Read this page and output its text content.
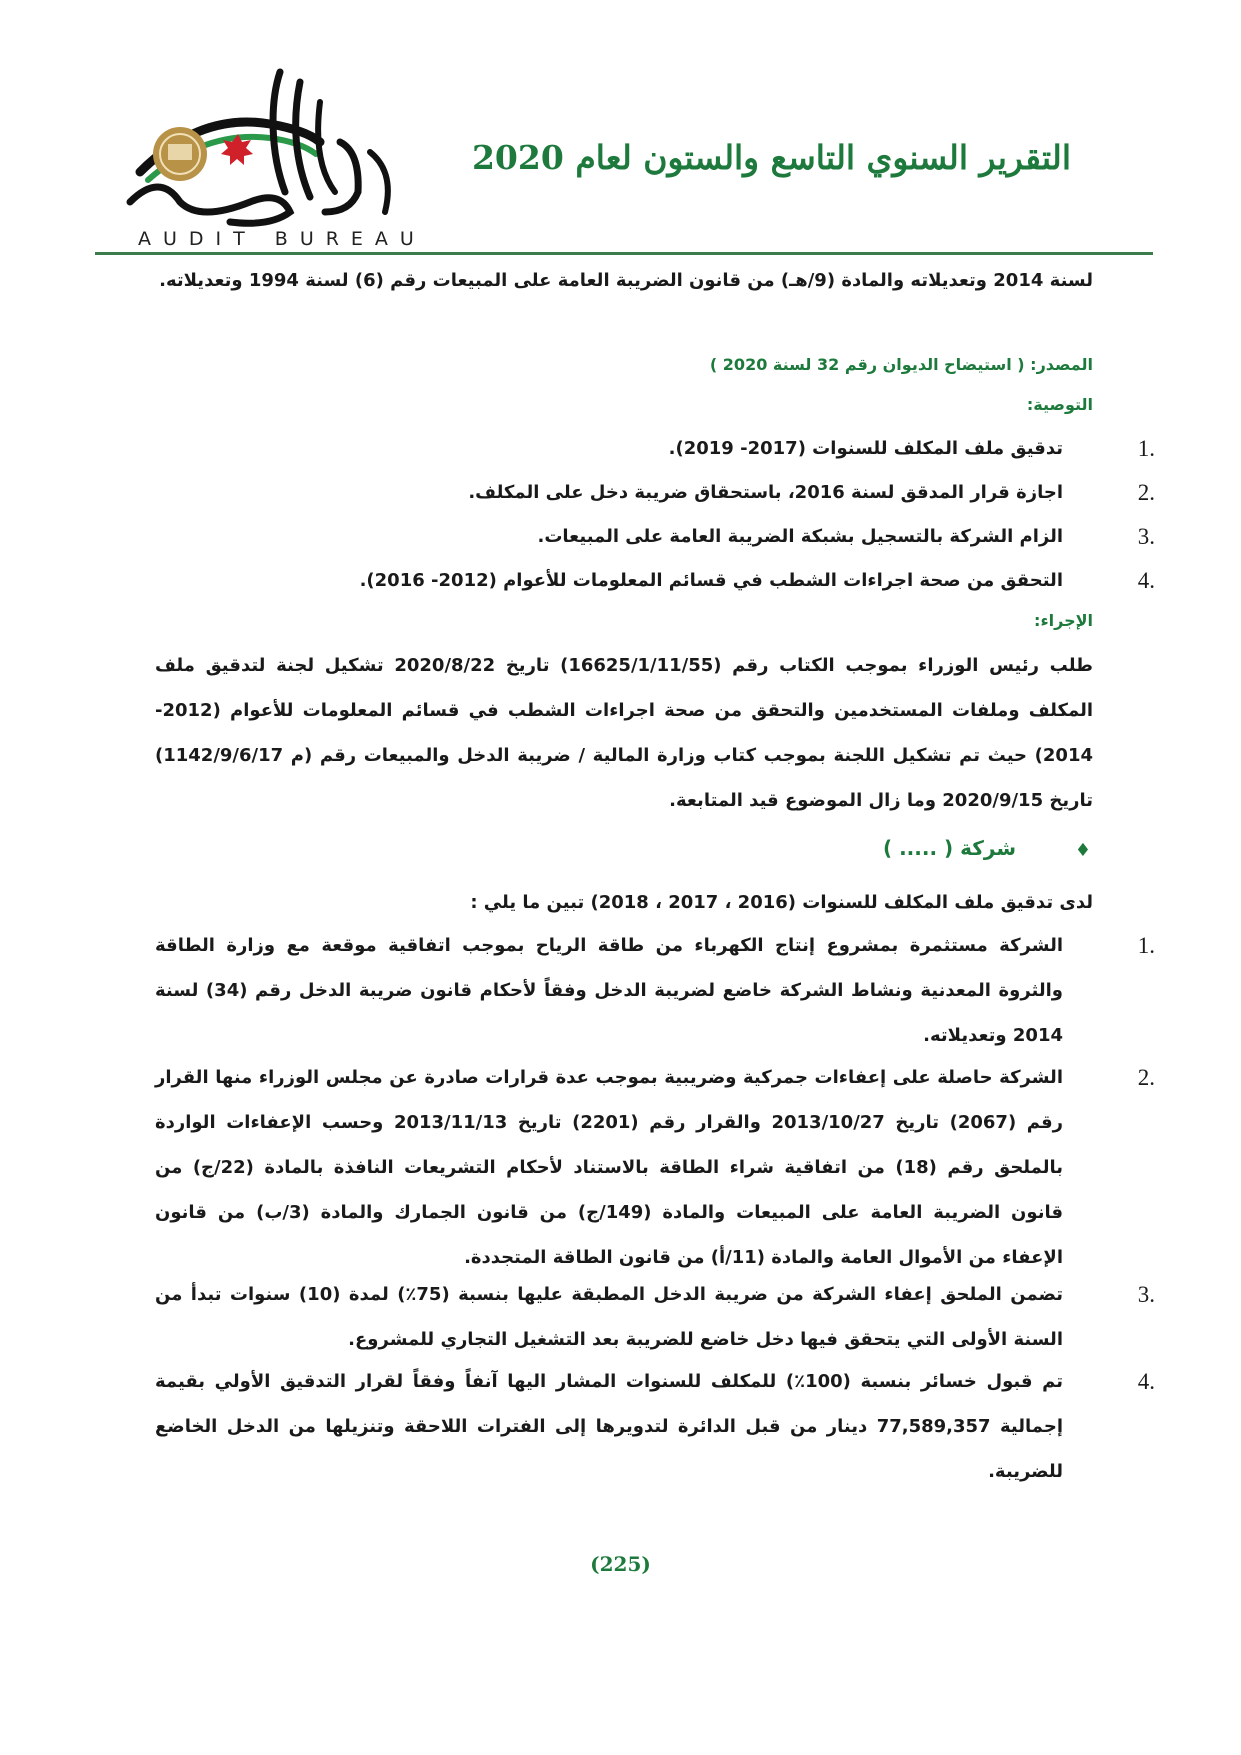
AUDIT BUREAU
التقرير السنوي التاسع والستون لعام 2020
لسنة 2014 وتعديلاته والمادة (9/هـ) من قانون الضريبة العامة على المبيعات رقم (6) لسنة 1994 وتعديلاته.
المصدر: ( استيضاح الديوان رقم 32 لسنة 2020 )
التوصية:
.1
تدقيق ملف المكلف للسنوات (2017- 2019).
.2
اجازة قرار المدقق لسنة 2016، باستحقاق ضريبة دخل على المكلف.
.3
الزام الشركة بالتسجيل بشبكة الضريبة العامة على المبيعات.
.4
التحقق من صحة اجراءات الشطب في قسائم المعلومات للأعوام (2012- 2016).
الإجراء:
طلب رئيس الوزراء بموجب الكتاب رقم (16625/1/11/55) تاريخ 2020/8/22 تشكيل لجنة لتدقيق ملف المكلف وملفات المستخدمين والتحقق من صحة اجراءات الشطب في قسائم المعلومات للأعوام (2012-2014) حيث تم تشكيل اللجنة بموجب كتاب وزارة المالية / ضريبة الدخل والمبيعات رقم (م 1142/9/6/17) تاريخ 2020/9/15 وما زال الموضوع قيد المتابعة.
♦
شركة ( ..... )
لدى تدقيق ملف المكلف للسنوات (2016 ، 2017 ، 2018) تبين ما يلي :
.1
الشركة مستثمرة بمشروع إنتاج الكهرباء من طاقة الرياح بموجب اتفاقية موقعة مع وزارة الطاقة والثروة المعدنية ونشاط الشركة خاضع لضريبة الدخل وفقاً لأحكام قانون ضريبة الدخل رقم (34) لسنة 2014 وتعديلاته.
.2
الشركة حاصلة على إعفاءات جمركية وضريبية بموجب عدة قرارات صادرة عن مجلس الوزراء منها القرار رقم (2067) تاريخ 2013/10/27 والقرار رقم (2201) تاريخ 2013/11/13 وحسب الإعفاءات الواردة بالملحق رقم (18) من اتفاقية شراء الطاقة بالاستناد لأحكام التشريعات النافذة بالمادة (22/ج) من قانون الضريبة العامة على المبيعات والمادة (149/ج) من قانون الجمارك والمادة (3/ب) من قانون الإعفاء من الأموال العامة والمادة (11/أ) من قانون الطاقة المتجددة.
.3
تضمن الملحق إعفاء الشركة من ضريبة الدخل المطبقة عليها بنسبة (75٪) لمدة (10) سنوات تبدأ من السنة الأولى التي يتحقق فيها دخل خاضع للضريبة بعد التشغيل التجاري للمشروع.
.4
تم قبول خسائر بنسبة (100٪) للمكلف للسنوات المشار اليها آنفاً وفقاً لقرار التدقيق الأولي بقيمة إجمالية 77,589,357 دينار من قبل الدائرة لتدويرها إلى الفترات اللاحقة وتنزيلها من الدخل الخاضع للضريبة.
(225)
